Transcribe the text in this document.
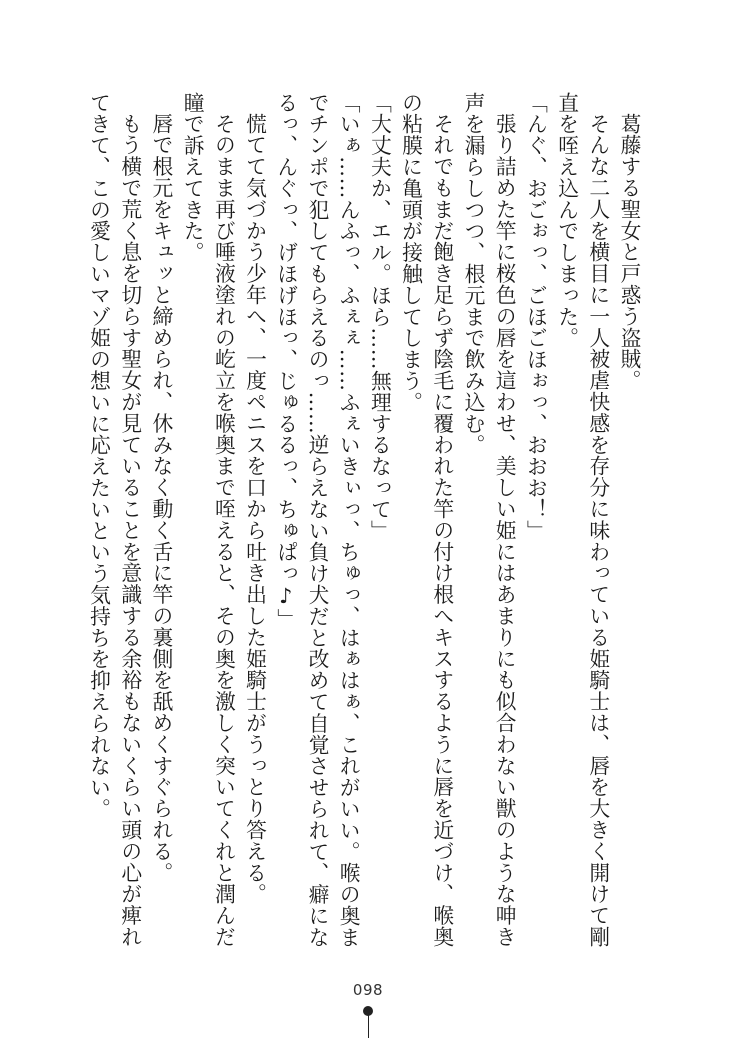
葛藤する聖女と戸惑う盗賊。

そんな二人を横目に一人被虐快感を存分に味わっている姫騎士は、唇を大きく開けて剛直を咥え込んでしまった。

「んぐ、おごぉっ、ごほごほぉっ、おおお！」

張り詰めた竿に桜色の唇を這わせ、美しい姫にはあまりにも似合わない獣のような呻き声を漏らしつつ、根元まで飲み込む。

それでもまだ飽き足らず陰毛に覆われた竿の付け根へキスするように唇を近づけ、喉奥の粘膜に亀頭が接触してしまう。

「大丈夫か、エル。ほら……無理するなって」

「いぁ……んふっ、ふぇぇ……ふぇいきぃっ、ちゅっ、はぁはぁ、これがいい。喉の奥までチンポで犯してもらえるのっ……逆らえない負け犬だと改めて自覚させられて、癖になるっ、んぐっ、げほげほっ、じゅるるっ、ちゅぱっ♪」

慌てて気づかう少年へ、一度ペニスを口から吐き出した姫騎士がうっとり答える。

そのまま再び唾液塗れの屹立を喉奥まで咥えると、その奥を激しく突いてくれと潤んだ瞳で訴えてきた。

唇で根元をキュッと締められ、休みなく動く舌に竿の裏側を舐めくすぐられる。

もう横で荒く息を切らす聖女が見ていることを意識する余裕もないくらい頭の心が痺れてきて、この愛しいマゾ姫の想いに応えたいという気持ちを抑えられない。

098
